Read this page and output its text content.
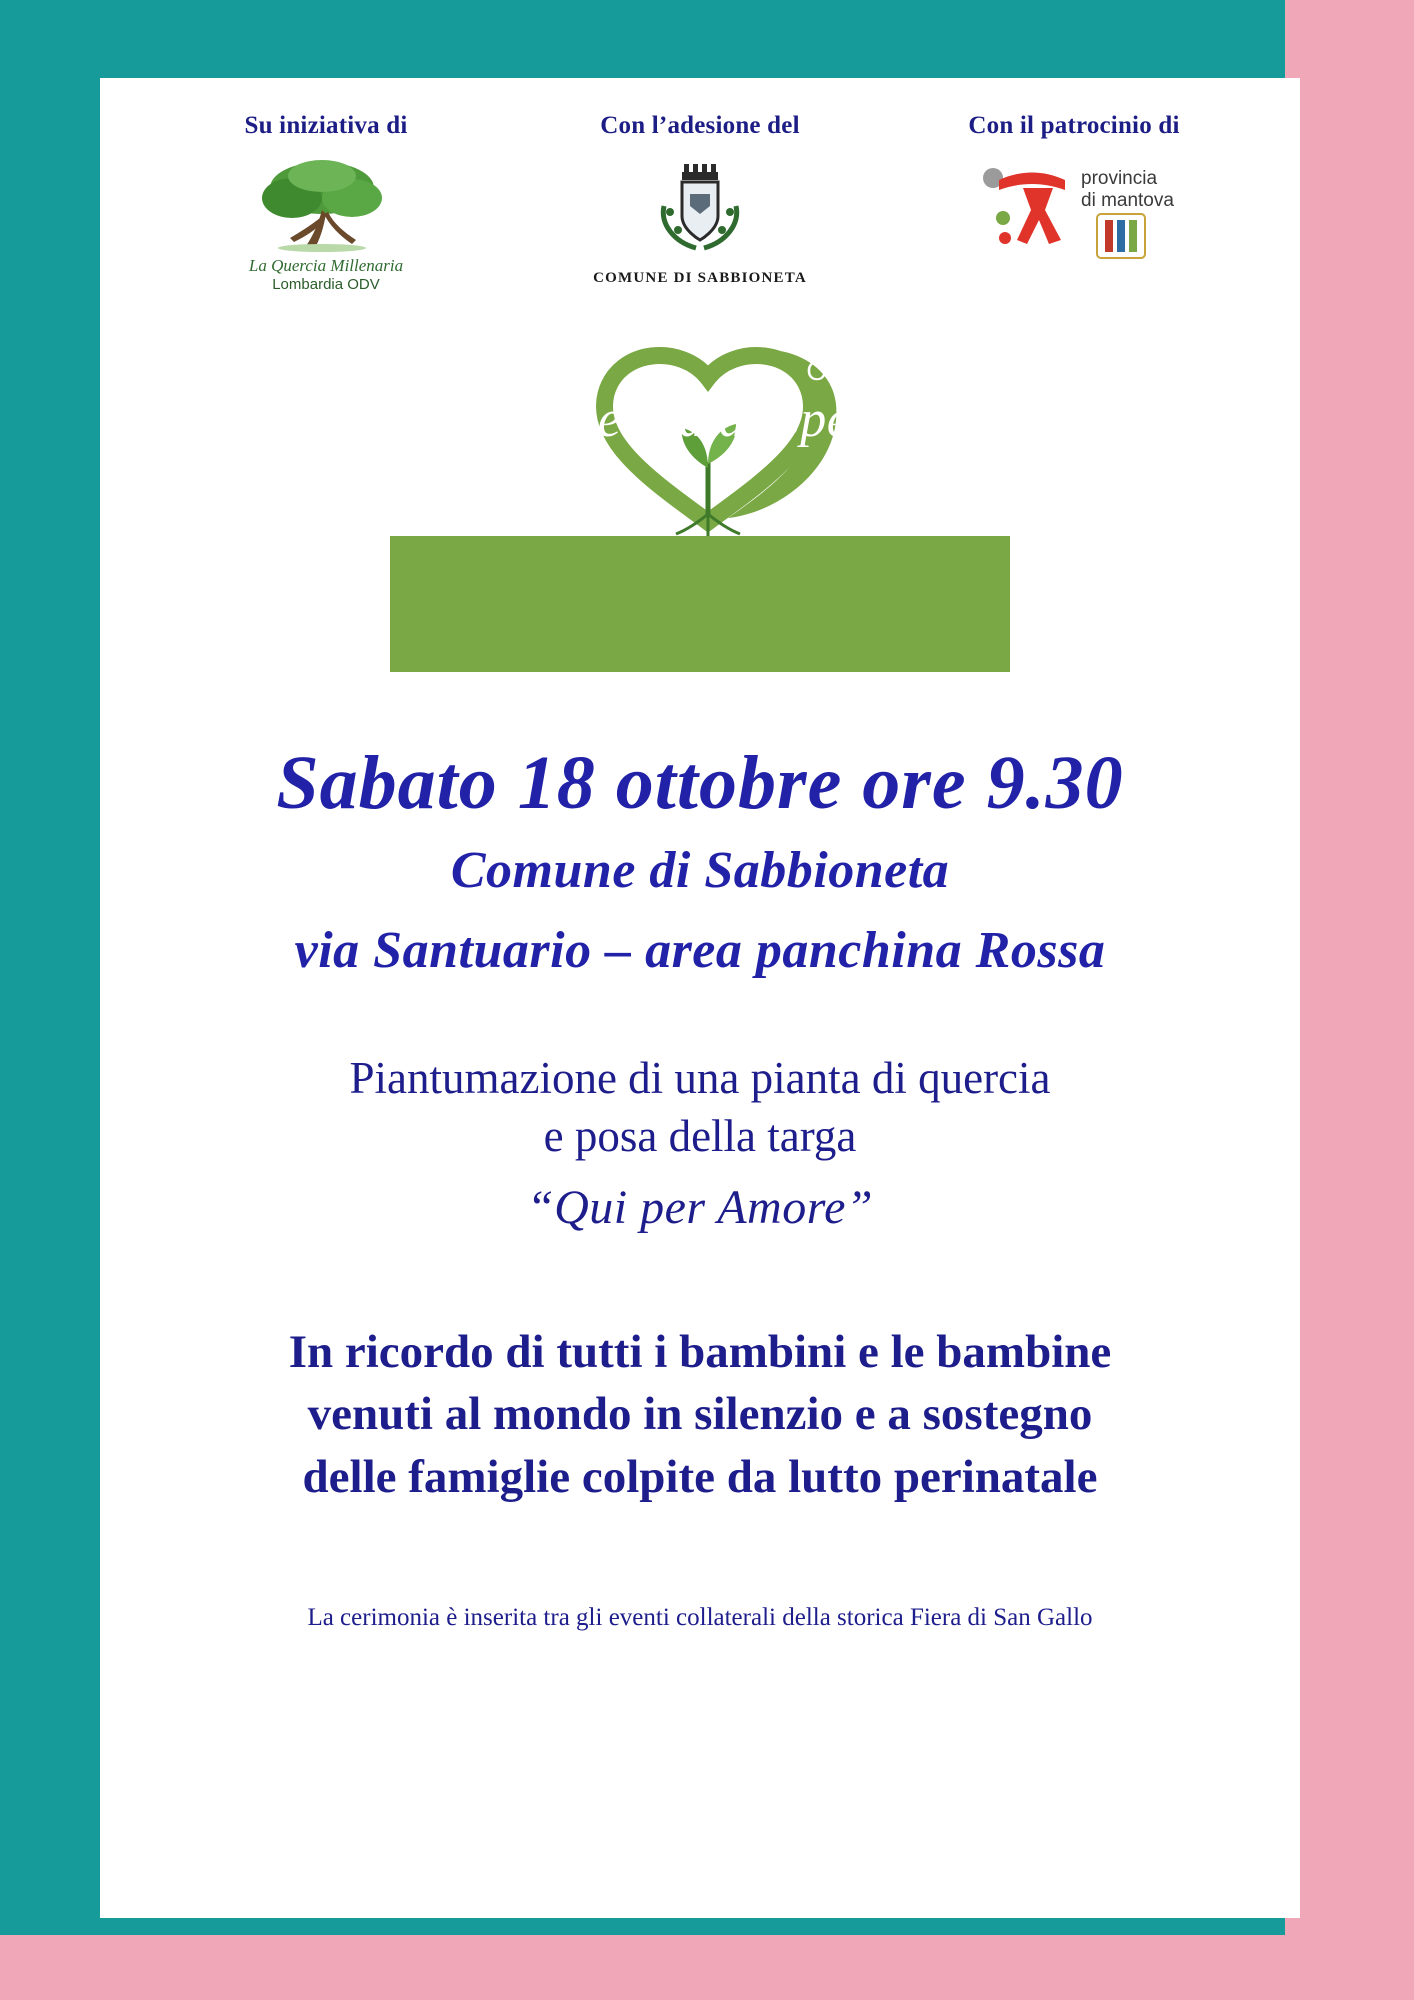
Su iniziativa di
La Quercia Millenaria
Lombardia ODV
Con l’adesione del
COMUNE DI SABBIONETA
Con il patrocinio di
provincia
di mantova
BabyLoss	Ottobre 2025
Una Quercia di Speranza
Sabato 18 ottobre ore 9.30
Comune di Sabbioneta
via Santuario – area panchina Rossa
Piantumazione di una pianta di quercia
e posa della targa
“Qui per Amore”
In ricordo di tutti i bambini e le bambine
venuti al mondo in silenzio e a sostegno
delle famiglie colpite da lutto perinatale
La cerimonia è inserita tra gli eventi collaterali della storica Fiera di San Gallo
